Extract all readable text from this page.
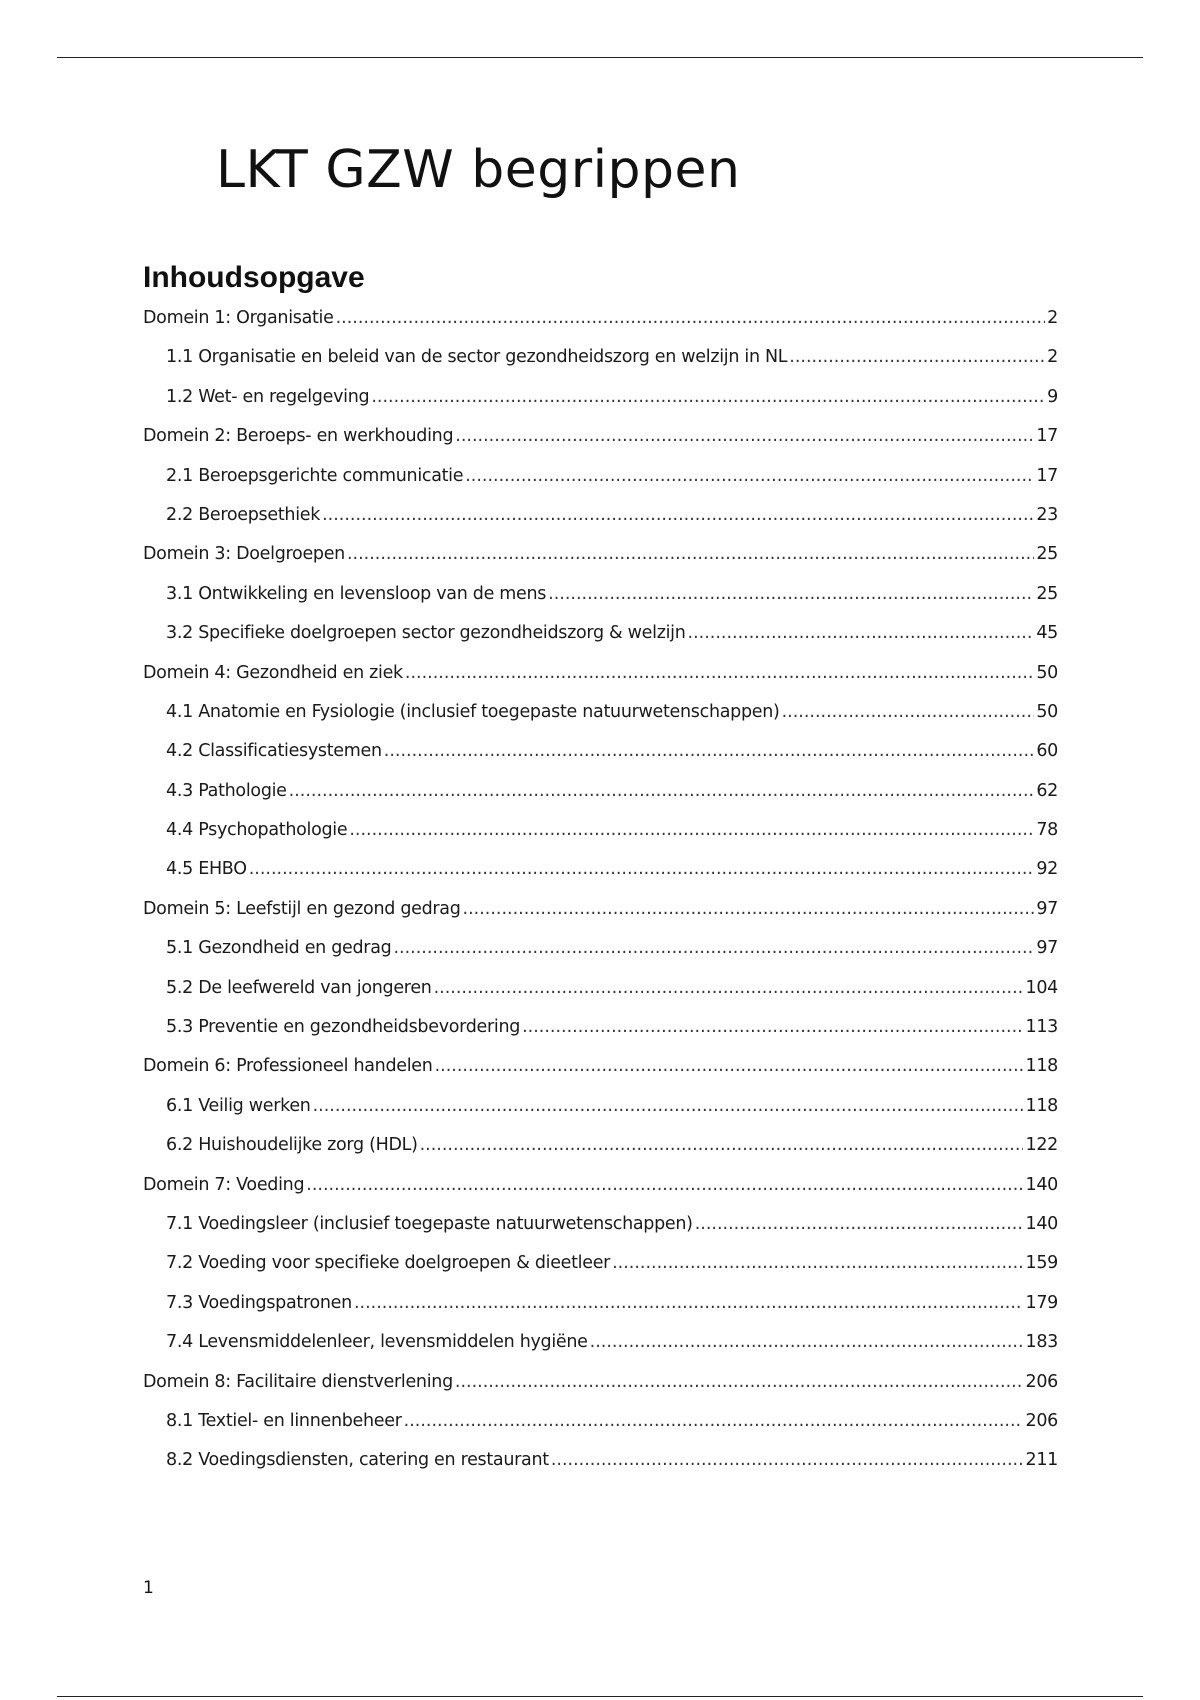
LKT GZW begrippen
Inhoudsopgave
Domein 1: Organisatie .....	2
1.1 Organisatie en beleid van de sector gezondheidszorg en welzijn in NL .....	2
1.2 Wet- en regelgeving .....	9
Domein 2: Beroeps- en werkhouding .....	17
2.1 Beroepsgerichte communicatie .....	17
2.2 Beroepsethiek .....	23
Domein 3: Doelgroepen .....	25
3.1 Ontwikkeling en levensloop van de mens .....	25
3.2 Specifieke doelgroepen sector gezondheidszorg & welzijn .....	45
Domein 4: Gezondheid en ziek .....	50
4.1 Anatomie en Fysiologie (inclusief toegepaste natuurwetenschappen) .....	50
4.2 Classificatiesystemen .....	60
4.3 Pathologie .....	62
4.4 Psychopathologie .....	78
4.5 EHBO .....	92
Domein 5: Leefstijl en gezond gedrag .....	97
5.1 Gezondheid en gedrag .....	97
5.2 De leefwereld van jongeren .....	104
5.3 Preventie en gezondheidsbevordering .....	113
Domein 6: Professioneel handelen .....	118
6.1 Veilig werken .....	118
6.2 Huishoudelijke zorg (HDL) .....	122
Domein 7: Voeding .....	140
7.1 Voedingsleer (inclusief toegepaste natuurwetenschappen) .....	140
7.2 Voeding voor specifieke doelgroepen & dieetleer .....	159
7.3 Voedingspatronen .....	179
7.4 Levensmiddelenleer, levensmiddelen hygiëne .....	183
Domein 8: Facilitaire dienstverlening .....	206
8.1 Textiel- en linnenbeheer .....	206
8.2 Voedingsdiensten, catering en restaurant .....	211
1
